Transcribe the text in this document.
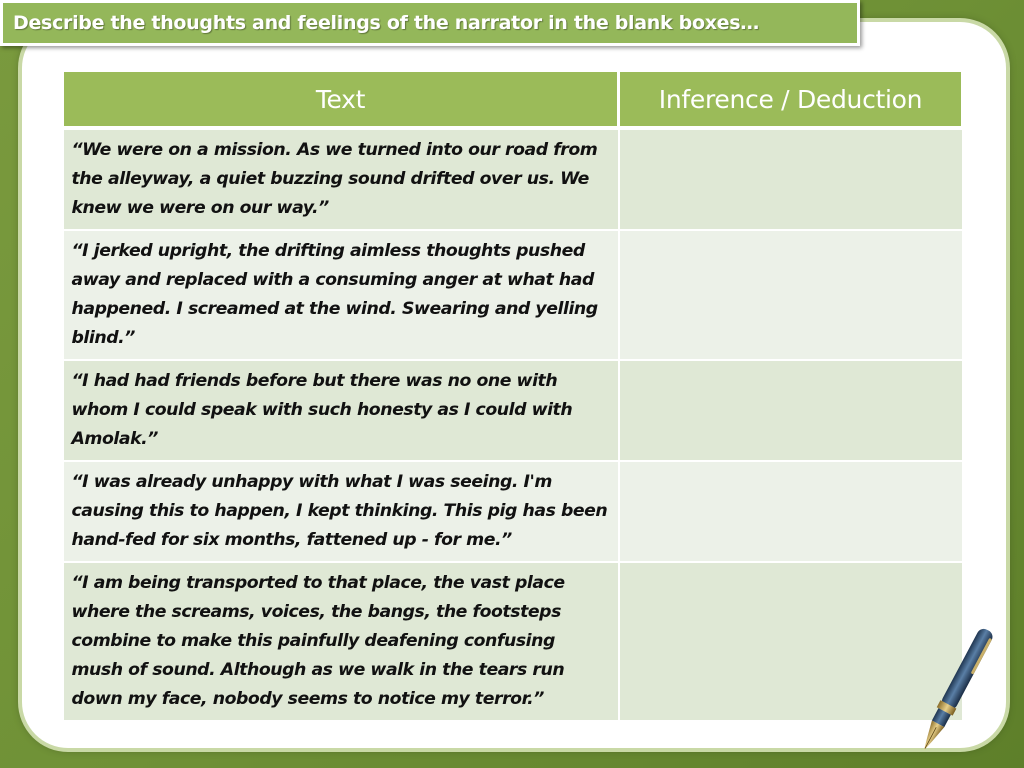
Describe the thoughts and feelings of the narrator in the blank boxes…
Text	Inference / Deduction
“We were on a mission. As we turned into our road from the alleyway, a quiet buzzing sound drifted over us. We knew we were on our way.”	
“I jerked upright, the drifting aimless thoughts pushed away and replaced with a consuming anger at what had happened. I screamed at the wind. Swearing and yelling blind.”	
“I had had friends before but there was no one with whom I could speak with such honesty as I could with Amolak.”	
“I was already unhappy with what I was seeing. I'm causing this to happen, I kept thinking. This pig has been hand-fed for six months, fattened up - for me.”	
“I am being transported to that place, the vast place where the screams, voices, the bangs, the footsteps combine to make this painfully deafening confusing mush of sound. Although as we walk in the tears run down my face, nobody seems to notice my terror.”	
